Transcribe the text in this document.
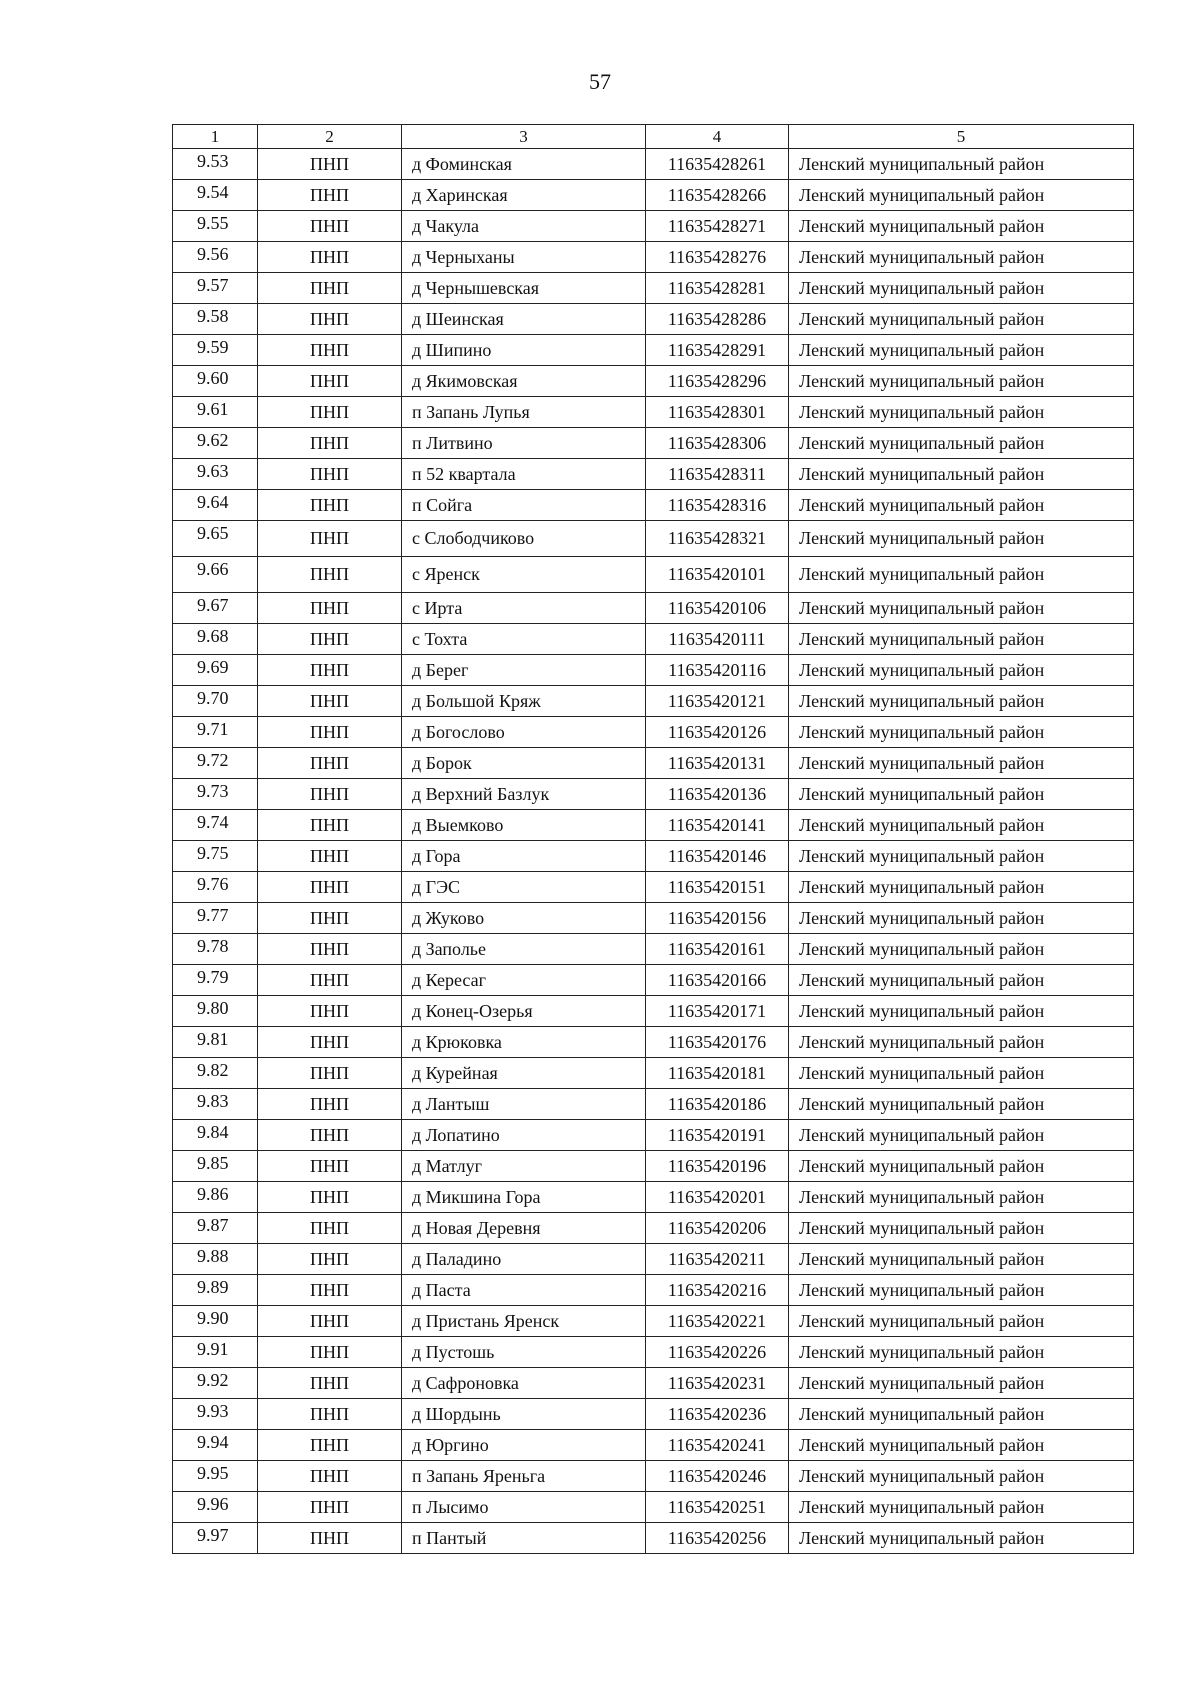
57
1	2	3	4	5
9.53	ПНП	д Фоминская	11635428261	Ленский муниципальный район
9.54	ПНП	д Харинская	11635428266	Ленский муниципальный район
9.55	ПНП	д Чакула	11635428271	Ленский муниципальный район
9.56	ПНП	д Черныханы	11635428276	Ленский муниципальный район
9.57	ПНП	д Чернышевская	11635428281	Ленский муниципальный район
9.58	ПНП	д Шеинская	11635428286	Ленский муниципальный район
9.59	ПНП	д Шипино	11635428291	Ленский муниципальный район
9.60	ПНП	д Якимовская	11635428296	Ленский муниципальный район
9.61	ПНП	п Запань Лупья	11635428301	Ленский муниципальный район
9.62	ПНП	п Литвино	11635428306	Ленский муниципальный район
9.63	ПНП	п 52 квартала	11635428311	Ленский муниципальный район
9.64	ПНП	п Сойга	11635428316	Ленский муниципальный район
9.65	ПНП	с Слободчиково	11635428321	Ленский муниципальный район
9.66	ПНП	с Яренск	11635420101	Ленский муниципальный район
9.67	ПНП	с Ирта	11635420106	Ленский муниципальный район
9.68	ПНП	с Тохта	11635420111	Ленский муниципальный район
9.69	ПНП	д Берег	11635420116	Ленский муниципальный район
9.70	ПНП	д Большой Кряж	11635420121	Ленский муниципальный район
9.71	ПНП	д Богослово	11635420126	Ленский муниципальный район
9.72	ПНП	д Борок	11635420131	Ленский муниципальный район
9.73	ПНП	д Верхний Базлук	11635420136	Ленский муниципальный район
9.74	ПНП	д Выемково	11635420141	Ленский муниципальный район
9.75	ПНП	д Гора	11635420146	Ленский муниципальный район
9.76	ПНП	д ГЭС	11635420151	Ленский муниципальный район
9.77	ПНП	д Жуково	11635420156	Ленский муниципальный район
9.78	ПНП	д Заполье	11635420161	Ленский муниципальный район
9.79	ПНП	д Кересаг	11635420166	Ленский муниципальный район
9.80	ПНП	д Конец-Озерья	11635420171	Ленский муниципальный район
9.81	ПНП	д Крюковка	11635420176	Ленский муниципальный район
9.82	ПНП	д Курейная	11635420181	Ленский муниципальный район
9.83	ПНП	д Лантыш	11635420186	Ленский муниципальный район
9.84	ПНП	д Лопатино	11635420191	Ленский муниципальный район
9.85	ПНП	д Матлуг	11635420196	Ленский муниципальный район
9.86	ПНП	д Микшина Гора	11635420201	Ленский муниципальный район
9.87	ПНП	д Новая Деревня	11635420206	Ленский муниципальный район
9.88	ПНП	д Паладино	11635420211	Ленский муниципальный район
9.89	ПНП	д Паста	11635420216	Ленский муниципальный район
9.90	ПНП	д Пристань Яренск	11635420221	Ленский муниципальный район
9.91	ПНП	д Пустошь	11635420226	Ленский муниципальный район
9.92	ПНП	д Сафроновка	11635420231	Ленский муниципальный район
9.93	ПНП	д Шордынь	11635420236	Ленский муниципальный район
9.94	ПНП	д Юргино	11635420241	Ленский муниципальный район
9.95	ПНП	п Запань Яреньга	11635420246	Ленский муниципальный район
9.96	ПНП	п Лысимо	11635420251	Ленский муниципальный район
9.97	ПНП	п Пантый	11635420256	Ленский муниципальный район
